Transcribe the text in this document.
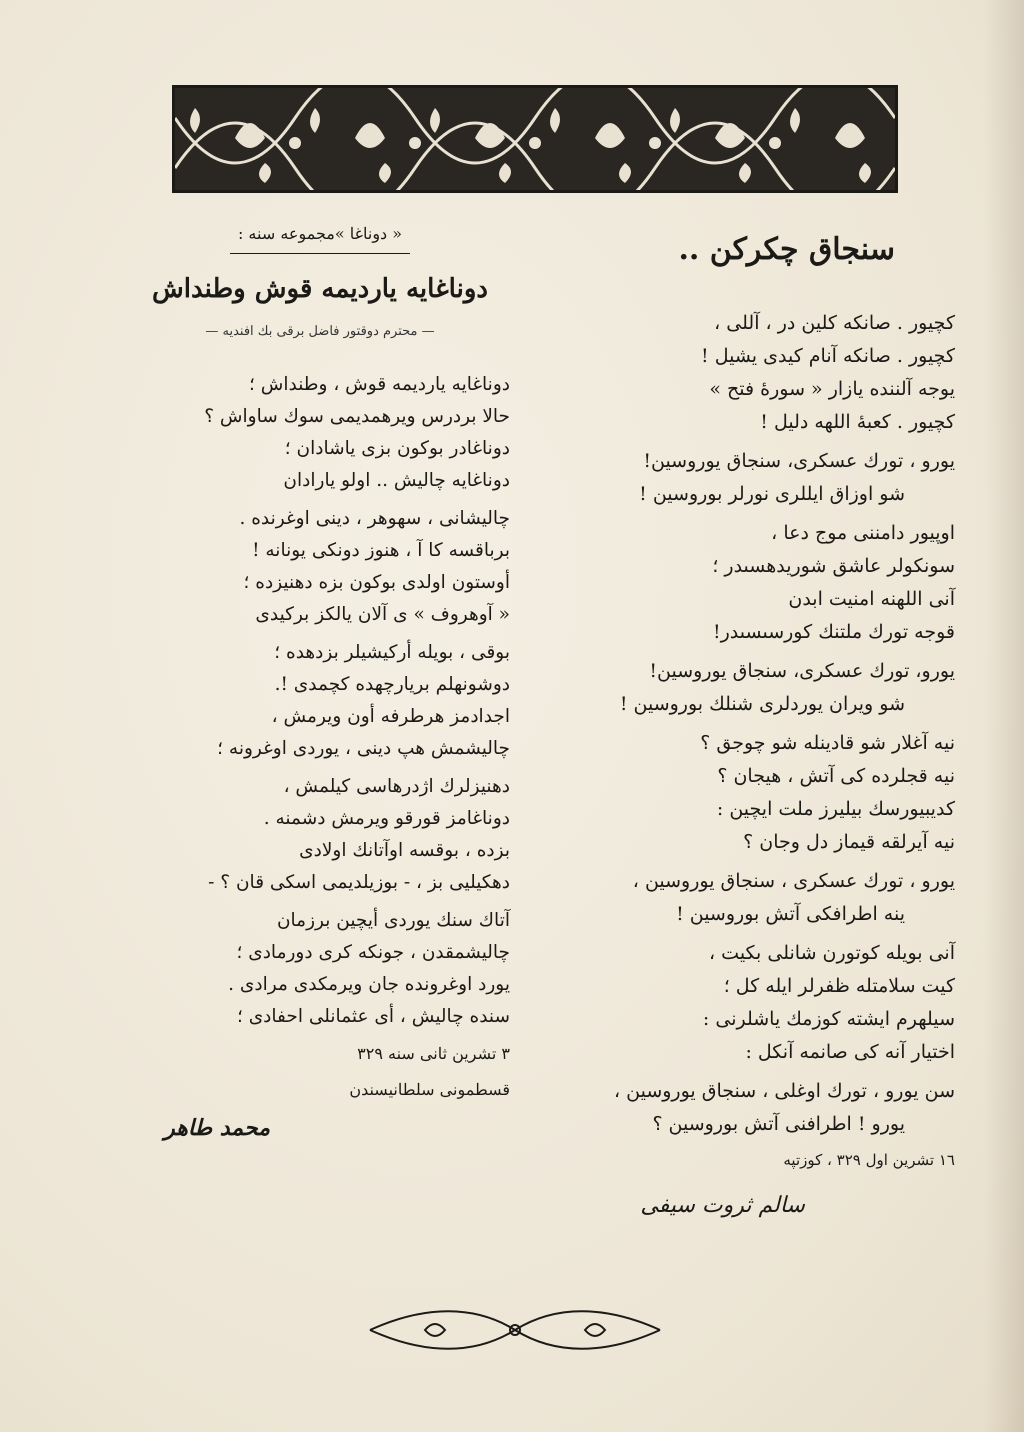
سنجاق چكركن ..
كچيور . صانكه كلين در ، آللى ،
كچيور . صانكه آنام كيدى يشيل !
يوجه آلننده يازار « سورهٔ فتح »
كچيور . كعبهٔ اللهه دليل !
يورو ، تورك عسكرى، سنجاق يوروسين!
شو اوزاق ايللرى نورلر بوروسين !
اوپيور دامننى موج دعا ،
سونكولر عاشق شوريدهسىدر ؛
آنى اللهنه امنيت ابدن
قوجه تورك ملتنك كورسىسىدر!
يورو، تورك عسكرى، سنجاق يوروسين!
شو ويران يوردلرى شنلك بوروسين !
نيه آغلار شو قادينله شو چوجق ؟
نيه قجلرده كى آتش ، هيجان ؟
كديبيورسك بيليرز ملت ايچين :
نيه آيرلقه قيماز دل وجان ؟
يورو ، تورك عسكرى ، سنجاق يوروسين ،
ينه اطرافكى آتش بوروسين !
آنى بويله كوتورن شانلى بكيت ،
كيت سلامتله ظفرلر ايله كل ؛
سيلهرم ايشته كوزمك ياشلرنى :
اختيار آنه كى صانمه آنكل :
سن يورو ، تورك اوغلى ، سنجاق يوروسين ،
يورو ! اطرافنى آتش بوروسين ؟
١٦ تشرين اول ٣٢٩ ، كوزتپه
سالم ثروت سيفى
« دوناغا »مجموعه سنه :
دوناغايه يارديمه قوش وطنداش
— محترم دوقتور فاضل برقى بك افنديه —
دوناغايه يارديمه قوش ، وطنداش ؛
حالا بردرس ويرهمديمى سوك ساواش ؟
دوناغادر بوكون بزى ياشادان ؛
دوناغايه چاليش .. اولو يارادان
چاليشانى ، سهوهر ، دينى اوغرنده .
برباقسه كا آ ، هنوز دونكى يونانه !
أوستون اولدى بوكون بزه دهنيزده ؛
« آوهروف » ى آلان يالكز بركيدى
بوقى ، بويله أركيشيلر بزدهده ؛
دوشونهلم بريارچهده كچمدى !.
اجدادمز هرطرفه أون ويرمش ،
چاليشمش هپ دينى ، يوردى اوغرونه ؛
دهنيزلرك اژدرهاسى كيلمش ،
دوناغامز قورقو ويرمش دشمنه .
بزده ، بوقسه اوآتانك اولادى
دهكيليى بز ، - بوزيلديمى اسكى قان ؟ -
آتاك سنك يوردى أيچين برزمان
چاليشمقدن ، جونكه كرى دورمادى ؛
يورد اوغرونده جان ويرمكدى مرادى .
سنده چاليش ، أى عثمانلى احفادى ؛
٣ تشرين ثانى سنه ٣٢٩
قسطمونى سلطانيسندن
محمد طاهر
